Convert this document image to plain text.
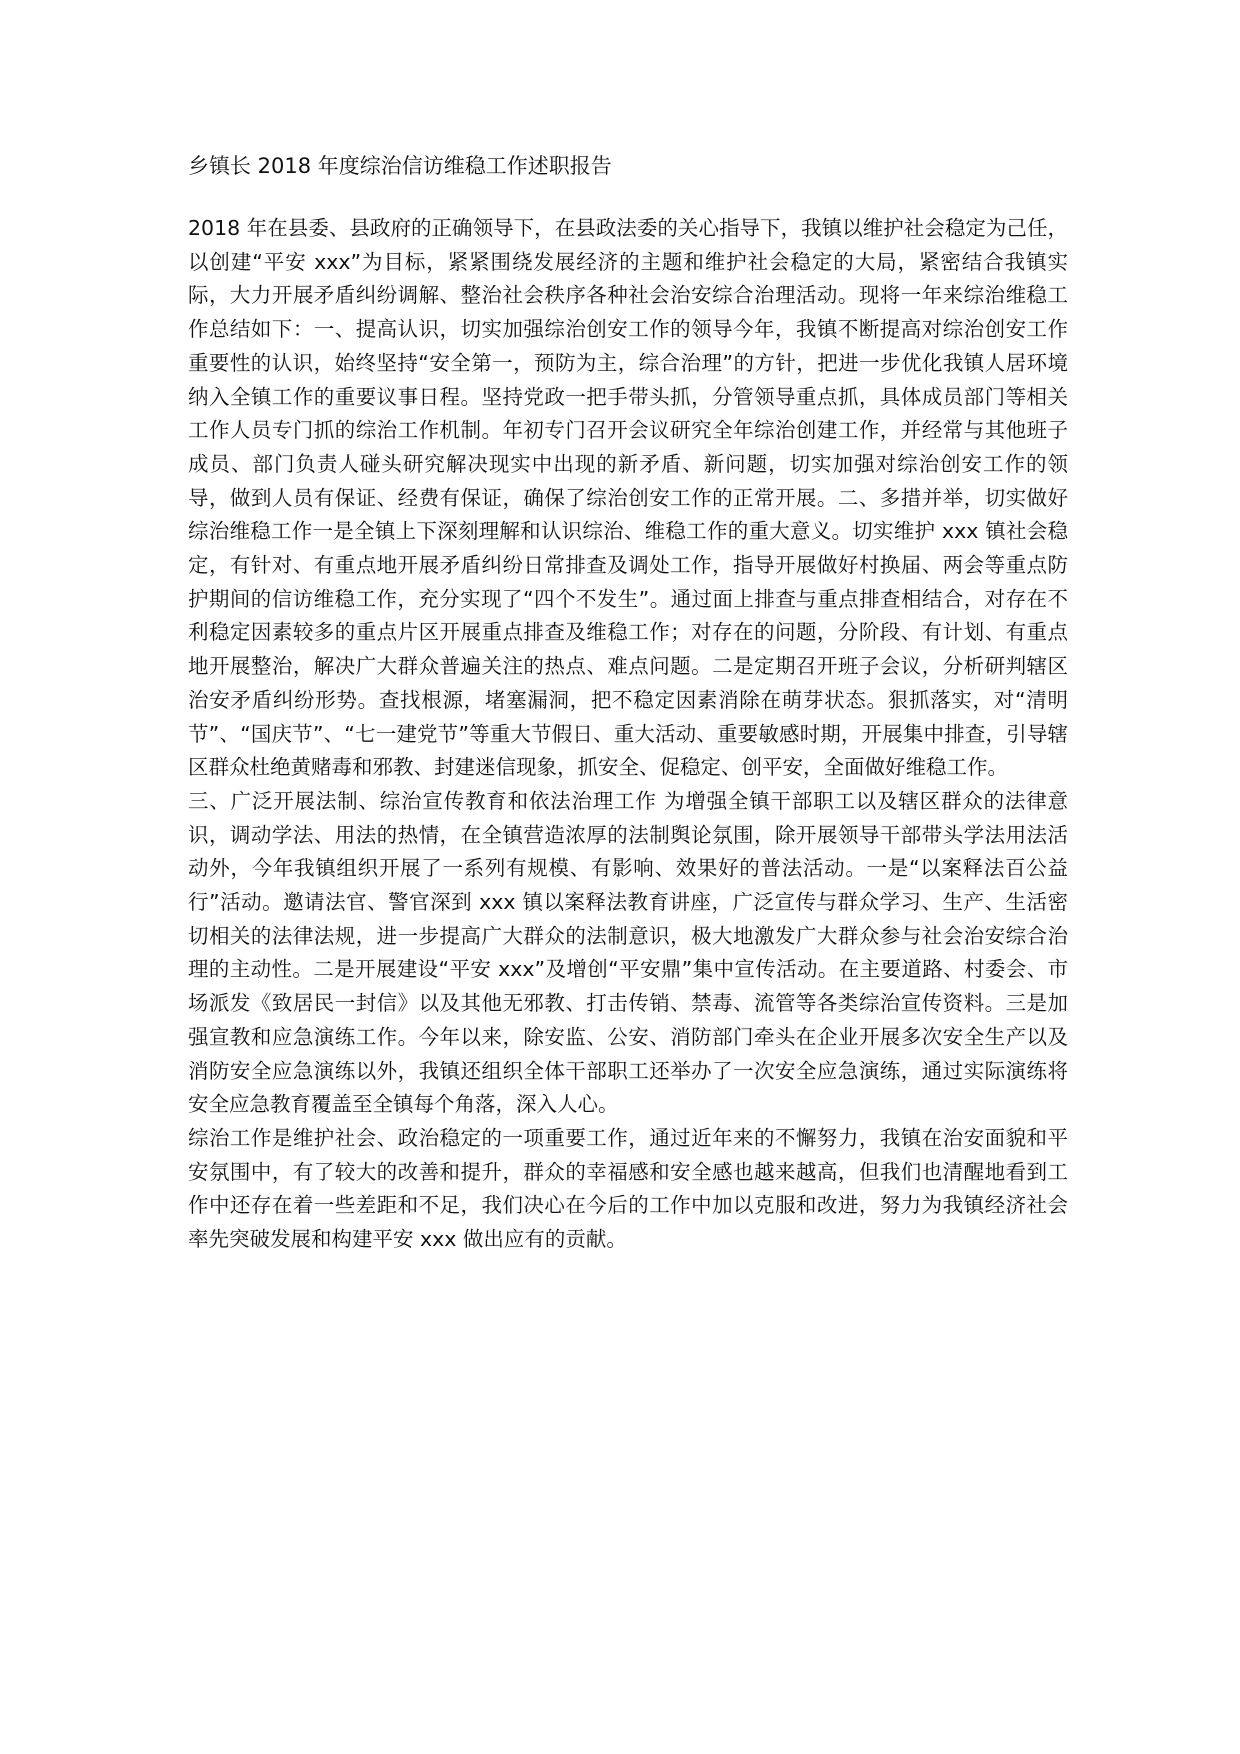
乡镇长 2018 年度综治信访维稳工作述职报告

2018 年在县委、县政府的正确领导下，在县政法委的关心指导下，我镇以维护社会稳定为己任，以创建“平安 xxx”为目标，紧紧围绕发展经济的主题和维护社会稳定的大局，紧密结合我镇实际，大力开展矛盾纠纷调解、整治社会秩序各种社会治安综合治理活动。现将一年来综治维稳工作总结如下：一、提高认识，切实加强综治创安工作的领导今年，我镇不断提高对综治创安工作重要性的认识，始终坚持“安全第一，预防为主，综合治理”的方针，把进一步优化我镇人居环境纳入全镇工作的重要议事日程。坚持党政一把手带头抓，分管领导重点抓，具体成员部门等相关工作人员专门抓的综治工作机制。年初专门召开会议研究全年综治创建工作，并经常与其他班子成员、部门负责人碰头研究解决现实中出现的新矛盾、新问题，切实加强对综治创安工作的领导，做到人员有保证、经费有保证，确保了综治创安工作的正常开展。二、多措并举，切实做好综治维稳工作一是全镇上下深刻理解和认识综治、维稳工作的重大意义。切实维护 xxx 镇社会稳定，有针对、有重点地开展矛盾纠纷日常排查及调处工作，指导开展做好村换届、两会等重点防护期间的信访维稳工作，充分实现了“四个不发生”。通过面上排查与重点排查相结合，对存在不利稳定因素较多的重点片区开展重点排查及维稳工作；对存在的问题，分阶段、有计划、有重点地开展整治，解决广大群众普遍关注的热点、难点问题。二是定期召开班子会议，分析研判辖区治安矛盾纠纷形势。查找根源，堵塞漏洞，把不稳定因素消除在萌芽状态。狠抓落实，对“清明节”、“国庆节”、“七一建党节”等重大节假日、重大活动、重要敏感时期，开展集中排查，引导辖区群众杜绝黄赌毒和邪教、封建迷信现象，抓安全、促稳定、创平安，全面做好维稳工作。

三、广泛开展法制、综治宣传教育和依法治理工作 为增强全镇干部职工以及辖区群众的法律意识，调动学法、用法的热情，在全镇营造浓厚的法制舆论氛围，除开展领导干部带头学法用法活动外，今年我镇组织开展了一系列有规模、有影响、效果好的普法活动。一是“以案释法百公益行”活动。邀请法官、警官深到 xxx 镇以案释法教育讲座，广泛宣传与群众学习、生产、生活密切相关的法律法规，进一步提高广大群众的法制意识，极大地激发广大群众参与社会治安综合治理的主动性。二是开展建设“平安 xxx”及增创“平安鼎”集中宣传活动。在主要道路、村委会、市场派发《致居民一封信》以及其他无邪教、打击传销、禁毒、流管等各类综治宣传资料。三是加强宣教和应急演练工作。今年以来，除安监、公安、消防部门牵头在企业开展多次安全生产以及消防安全应急演练以外，我镇还组织全体干部职工还举办了一次安全应急演练，通过实际演练将安全应急教育覆盖至全镇每个角落，深入人心。

综治工作是维护社会、政治稳定的一项重要工作，通过近年来的不懈努力，我镇在治安面貌和平安氛围中，有了较大的改善和提升，群众的幸福感和安全感也越来越高，但我们也清醒地看到工作中还存在着一些差距和不足，我们决心在今后的工作中加以克服和改进，努力为我镇经济社会率先突破发展和构建平安 xxx 做出应有的贡献。
